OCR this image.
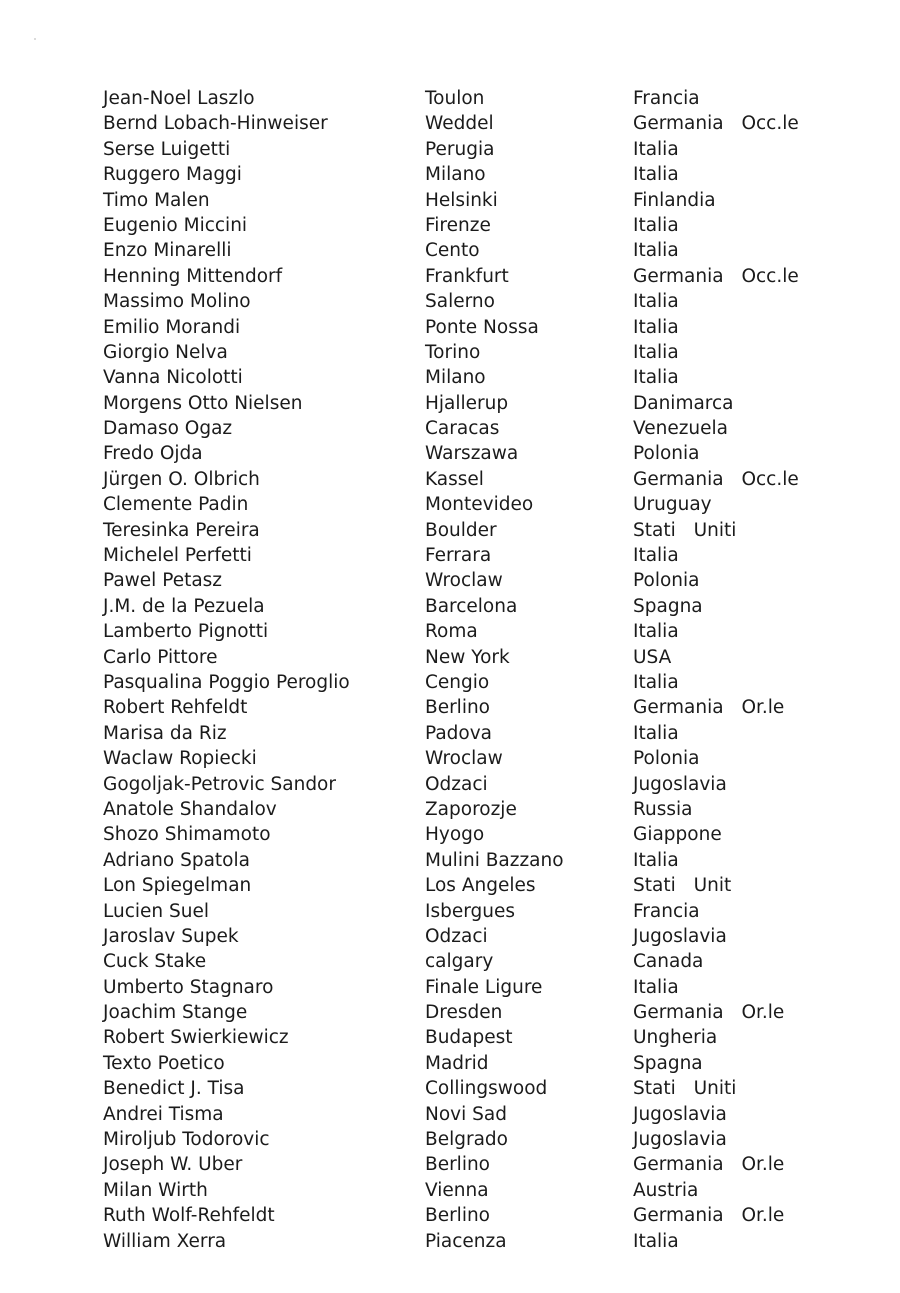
Jean-Noel Laszlo	Toulon	Francia
Bernd Lobach-Hinweiser	Weddel	Germania Occ.le
Serse Luigetti	Perugia	Italia
Ruggero Maggi	Milano	Italia
Timo Malen	Helsinki	Finlandia
Eugenio Miccini	Firenze	Italia
Enzo Minarelli	Cento	Italia
Henning Mittendorf	Frankfurt	Germania Occ.le
Massimo Molino	Salerno	Italia
Emilio Morandi	Ponte Nossa	Italia
Giorgio Nelva	Torino	Italia
Vanna Nicolotti	Milano	Italia
Morgens Otto Nielsen	Hjallerup	Danimarca
Damaso Ogaz	Caracas	Venezuela
Fredo Ojda	Warszawa	Polonia
Jürgen O. Olbrich	Kassel	Germania Occ.le
Clemente Padin	Montevideo	Uruguay
Teresinka Pereira	Boulder	Stati Uniti
Michelel Perfetti	Ferrara	Italia
Pawel Petasz	Wroclaw	Polonia
J.M. de la Pezuela	Barcelona	Spagna
Lamberto Pignotti	Roma	Italia
Carlo Pittore	New York	USA
Pasqualina Poggio Peroglio	Cengio	Italia
Robert Rehfeldt	Berlino	Germania Or.le
Marisa da Riz	Padova	Italia
Waclaw Ropiecki	Wroclaw	Polonia
Gogoljak-Petrovic Sandor	Odzaci	Jugoslavia
Anatole Shandalov	Zaporozje	Russia
Shozo Shimamoto	Hyogo	Giappone
Adriano Spatola	Mulini Bazzano	Italia
Lon Spiegelman	Los Angeles	Stati Unit
Lucien Suel	Isbergues	Francia
Jaroslav Supek	Odzaci	Jugoslavia
Cuck Stake	calgary	Canada
Umberto Stagnaro	Finale Ligure	Italia
Joachim Stange	Dresden	Germania Or.le
Robert Swierkiewicz	Budapest	Ungheria
Texto Poetico	Madrid	Spagna
Benedict J. Tisa	Collingswood	Stati Uniti
Andrei Tisma	Novi Sad	Jugoslavia
Miroljub Todorovic	Belgrado	Jugoslavia
Joseph W. Uber	Berlino	Germania Or.le
Milan Wirth	Vienna	Austria
Ruth Wolf-Rehfeldt	Berlino	Germania Or.le
William Xerra	Piacenza	Italia
